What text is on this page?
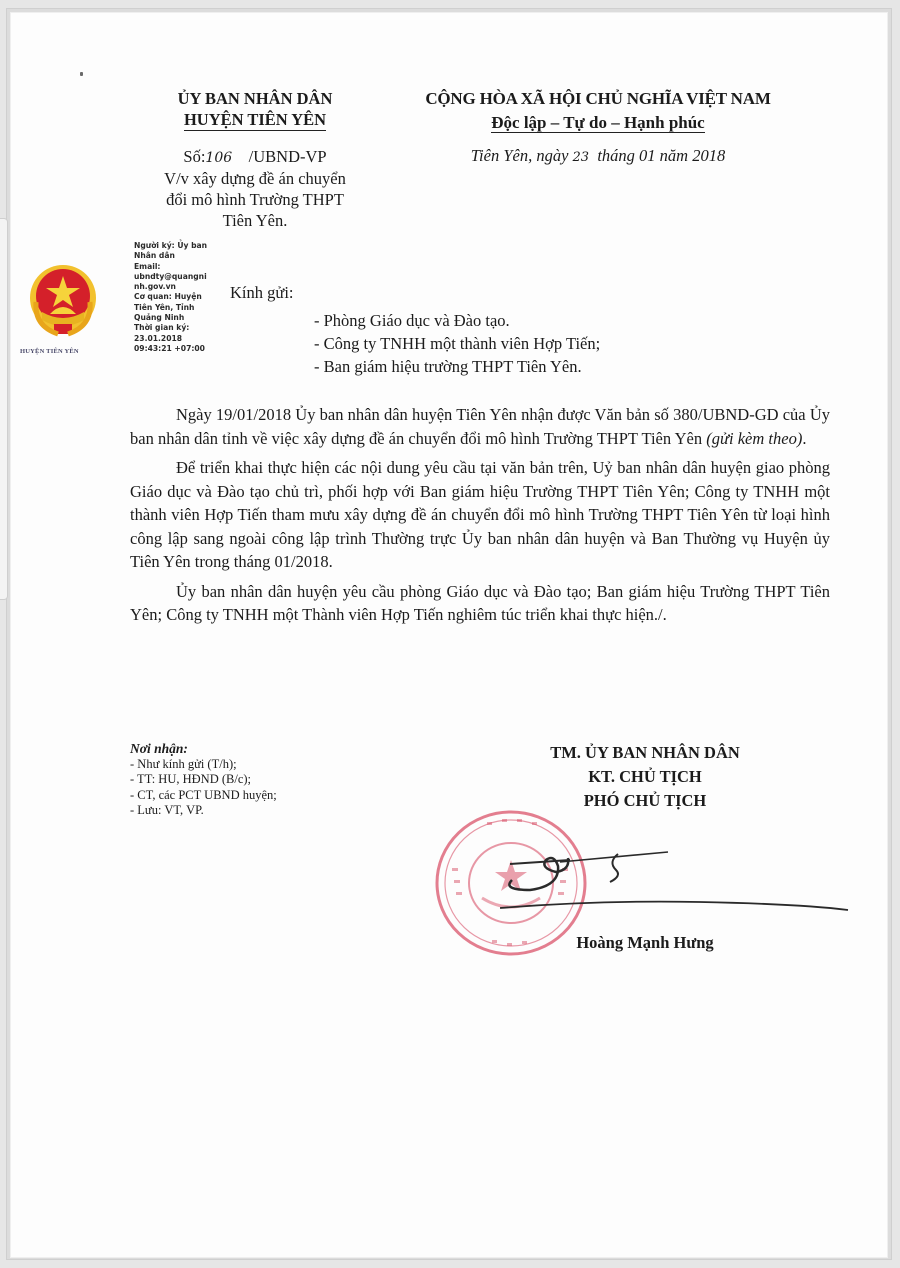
ỦY BAN NHÂN DÂN
HUYỆN TIÊN YÊN
Số:106 /UBND-VP
V/v xây dựng đề án chuyển
đổi mô hình Trường THPT
Tiên Yên.
CỘNG HÒA XÃ HỘI CHỦ NGHĨA VIỆT NAM
Độc lập – Tự do – Hạnh phúc
Tiên Yên, ngày 23 tháng 01 năm 2018
HUYỆN TIÊN YÊN
Người ký: Ủy ban
Nhân dân
Email:
ubndty@quangni
nh.gov.vn
Cơ quan: Huyện
Tiên Yên, Tỉnh
Quảng Ninh
Thời gian ký:
23.01.2018
09:43:21 +07:00
Kính gửi:
- Phòng Giáo dục và Đào tạo.
- Công ty TNHH một thành viên Hợp Tiến;
- Ban giám hiệu trường THPT Tiên Yên.

Ngày 19/01/2018 Ủy ban nhân dân huyện Tiên Yên nhận được Văn bản số 380/UBND-GD của Ủy ban nhân dân tỉnh về việc xây dựng đề án chuyển đổi mô hình Trường THPT Tiên Yên (gửi kèm theo).

Để triển khai thực hiện các nội dung yêu cầu tại văn bản trên, Uỷ ban nhân dân huyện giao phòng Giáo dục và Đào tạo chủ trì, phối hợp với Ban giám hiệu Trường THPT Tiên Yên; Công ty TNHH một thành viên Hợp Tiến tham mưu xây dựng đề án chuyển đổi mô hình Trường THPT Tiên Yên từ loại hình công lập sang ngoài công lập trình Thường trực Ủy ban nhân dân huyện và Ban Thường vụ Huyện ủy Tiên Yên trong tháng 01/2018.

Ủy ban nhân dân huyện yêu cầu phòng Giáo dục và Đào tạo; Ban giám hiệu Trường THPT Tiên Yên; Công ty TNHH một Thành viên Hợp Tiến nghiêm túc triển khai thực hiện./.

Nơi nhận:
- Như kính gửi (T/h);
- TT: HU, HĐND (B/c);
- CT, các PCT UBND huyện;
- Lưu: VT, VP.
TM. ỦY BAN NHÂN DÂN
KT. CHỦ TỊCH
PHÓ CHỦ TỊCH
Hoàng Mạnh Hưng
